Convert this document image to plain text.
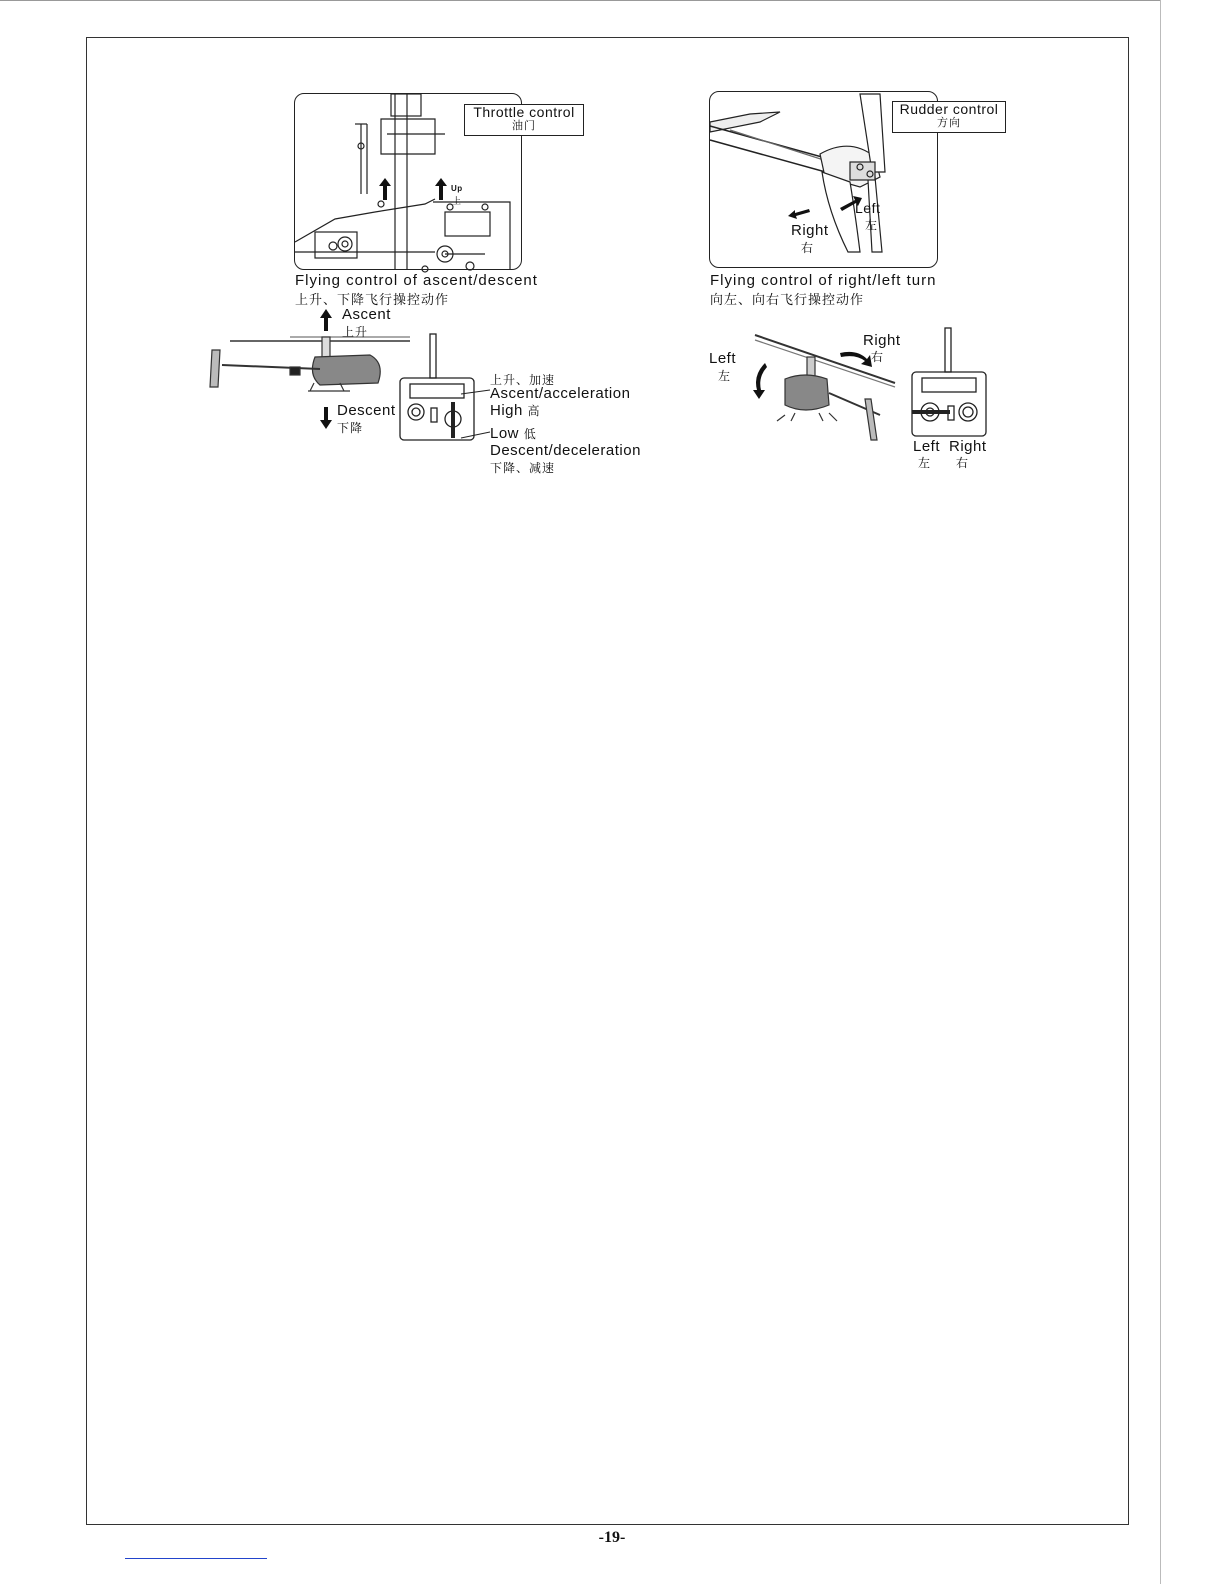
Throttle control
油门
Up
上
Flying control of ascent/descent
上升、下降飞行操控动作
Ascent
上升
Descent
下降
上升、加速
Ascent/acceleration
High 高
Low 低
Descent/deceleration
下降、减速
Rudder control
方向
Left
左
Right
右
Flying control of right/left turn
向左、向右飞行操控动作
Left
左
Right
右
Left
左
Right
右
-19-
